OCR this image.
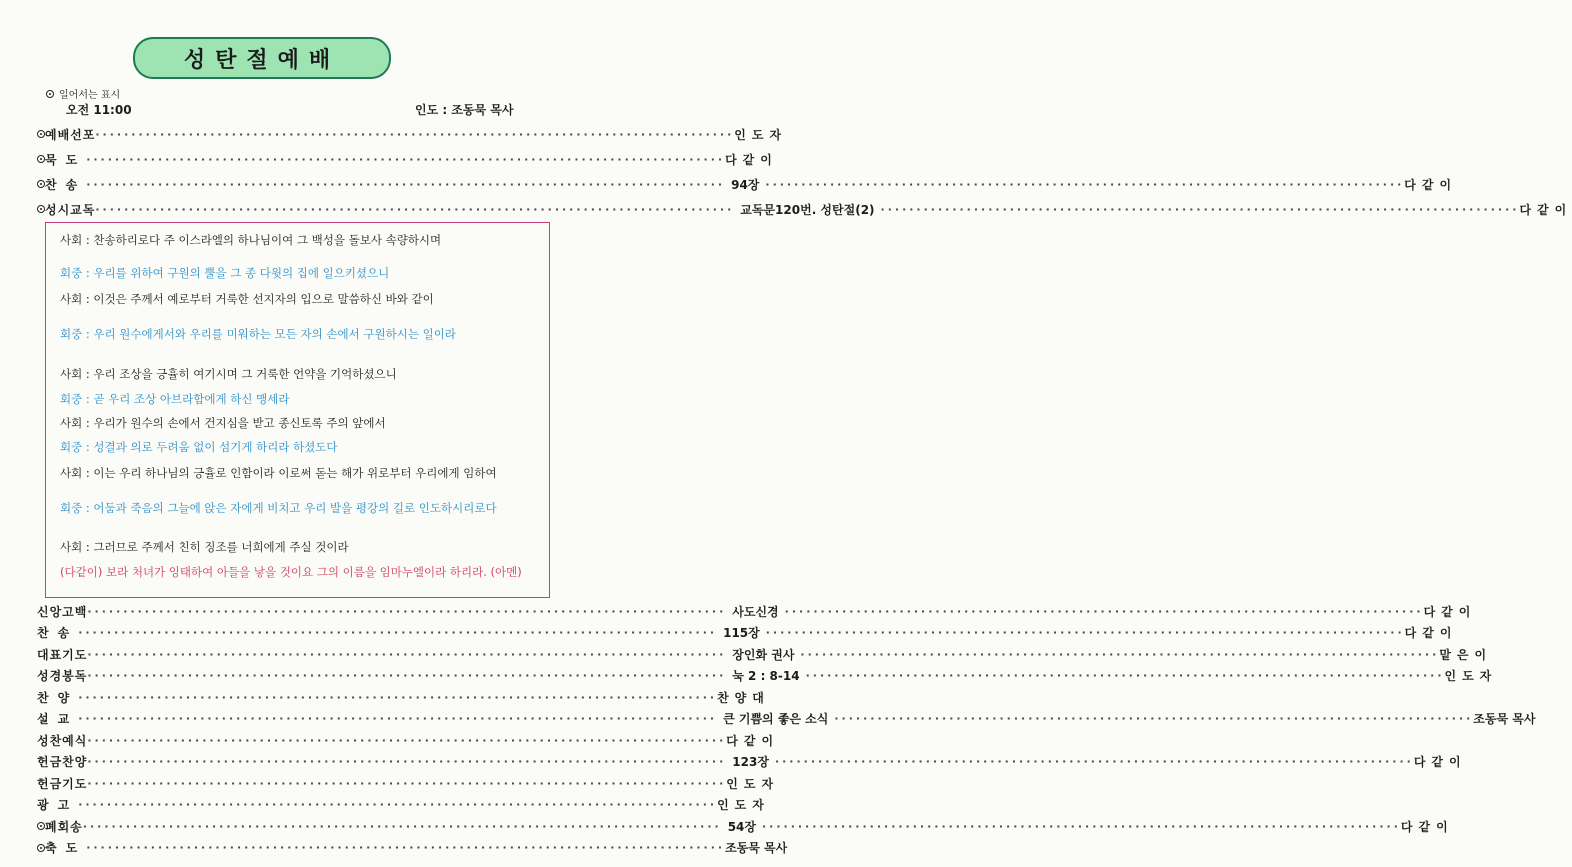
성탄절예배
일어서는 표시
오전 11:00	인도 : 조동묵 목사
예배선포 ························································································· 인도자
묵도 ························································································· 다같이
찬송 ························································································· 94장 ························································································· 다같이
성시교독 ························································································· 교독문120번. 성탄절(2) ························································································· 다같이
사회 : 찬송하리로다 주 이스라엘의 하나님이여 그 백성을 돌보사 속량하시며
회중 : 우리를 위하여 구원의 뿔을 그 종 다윗의 집에 일으키셨으니
사회 : 이것은 주께서 예로부터 거룩한 선지자의 입으로 말씀하신 바와 같이
회중 : 우리 원수에게서와 우리를 미워하는 모든 자의 손에서 구원하시는 일이라
사회 : 우리 조상을 긍휼히 여기시며 그 거룩한 언약을 기억하셨으니
회중 : 곧 우리 조상 아브라함에게 하신 맹세라
사회 : 우리가 원수의 손에서 건지심을 받고 종신토록 주의 앞에서
회중 : 성결과 의로 두려움 없이 섬기게 하리라 하셨도다
사회 : 이는 우리 하나님의 긍휼로 인함이라 이로써 돋는 해가 위로부터 우리에게 임하여
회중 : 어둠과 죽음의 그늘에 앉은 자에게 비치고 우리 발을 평강의 길로 인도하시리로다
사회 : 그러므로 주께서 친히 징조를 너희에게 주실 것이라
(다같이) 보라 처녀가 잉태하여 아들을 낳을 것이요 그의 이름을 임마누엘이라 하리라. (아멘)
신앙고백 ························································································· 사도신경 ························································································· 다같이
찬송 ························································································· 115장 ························································································· 다같이
대표기도 ························································································· 장인화 권사 ························································································· 맡은이
성경봉독 ························································································· 눅 2 : 8-14 ························································································· 인도자
찬양 ························································································· 찬양대
설교 ························································································· 큰 기쁨의 좋은 소식 ························································································· 조동묵 목사
성찬예식 ························································································· 다같이
헌금찬양 ························································································· 123장 ························································································· 다같이
헌금기도 ························································································· 인도자
광고 ························································································· 인도자
폐회송 ························································································· 54장 ························································································· 다같이
축도 ························································································· 조동묵 목사
